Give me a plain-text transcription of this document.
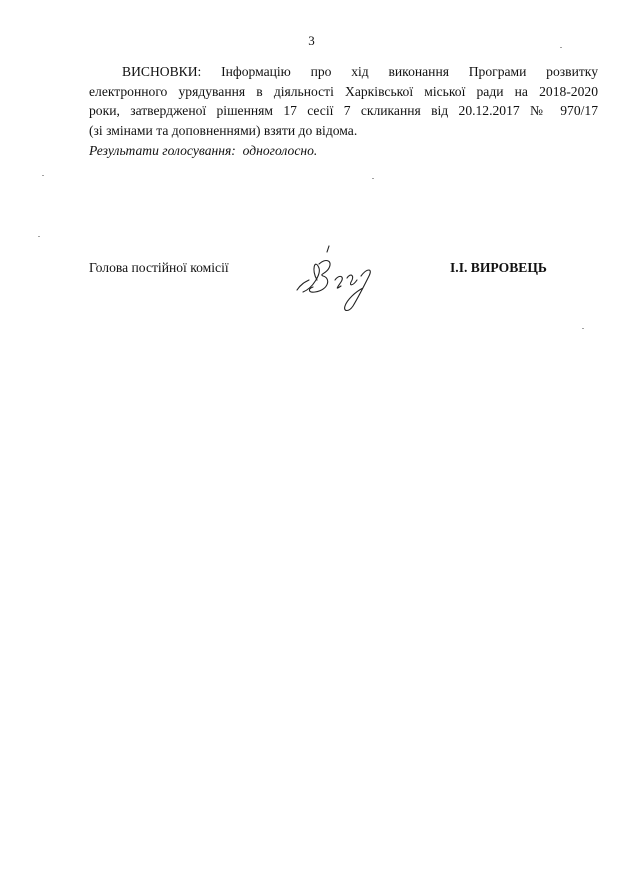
3
ВИСНОВКИ: Інформацію про хід виконання Програми розвитку
електронного урядування в діяльності Харківської міської ради на 2018-2020
роки, затвердженої рішенням 17 сесії 7 скликання від 20.12.2017 № 970/17
(зі змінами та доповненнями) взяти до відома.
Результати голосування: одноголосно.
Голова постійної комісії	І.І. ВИРОВЕЦЬ
